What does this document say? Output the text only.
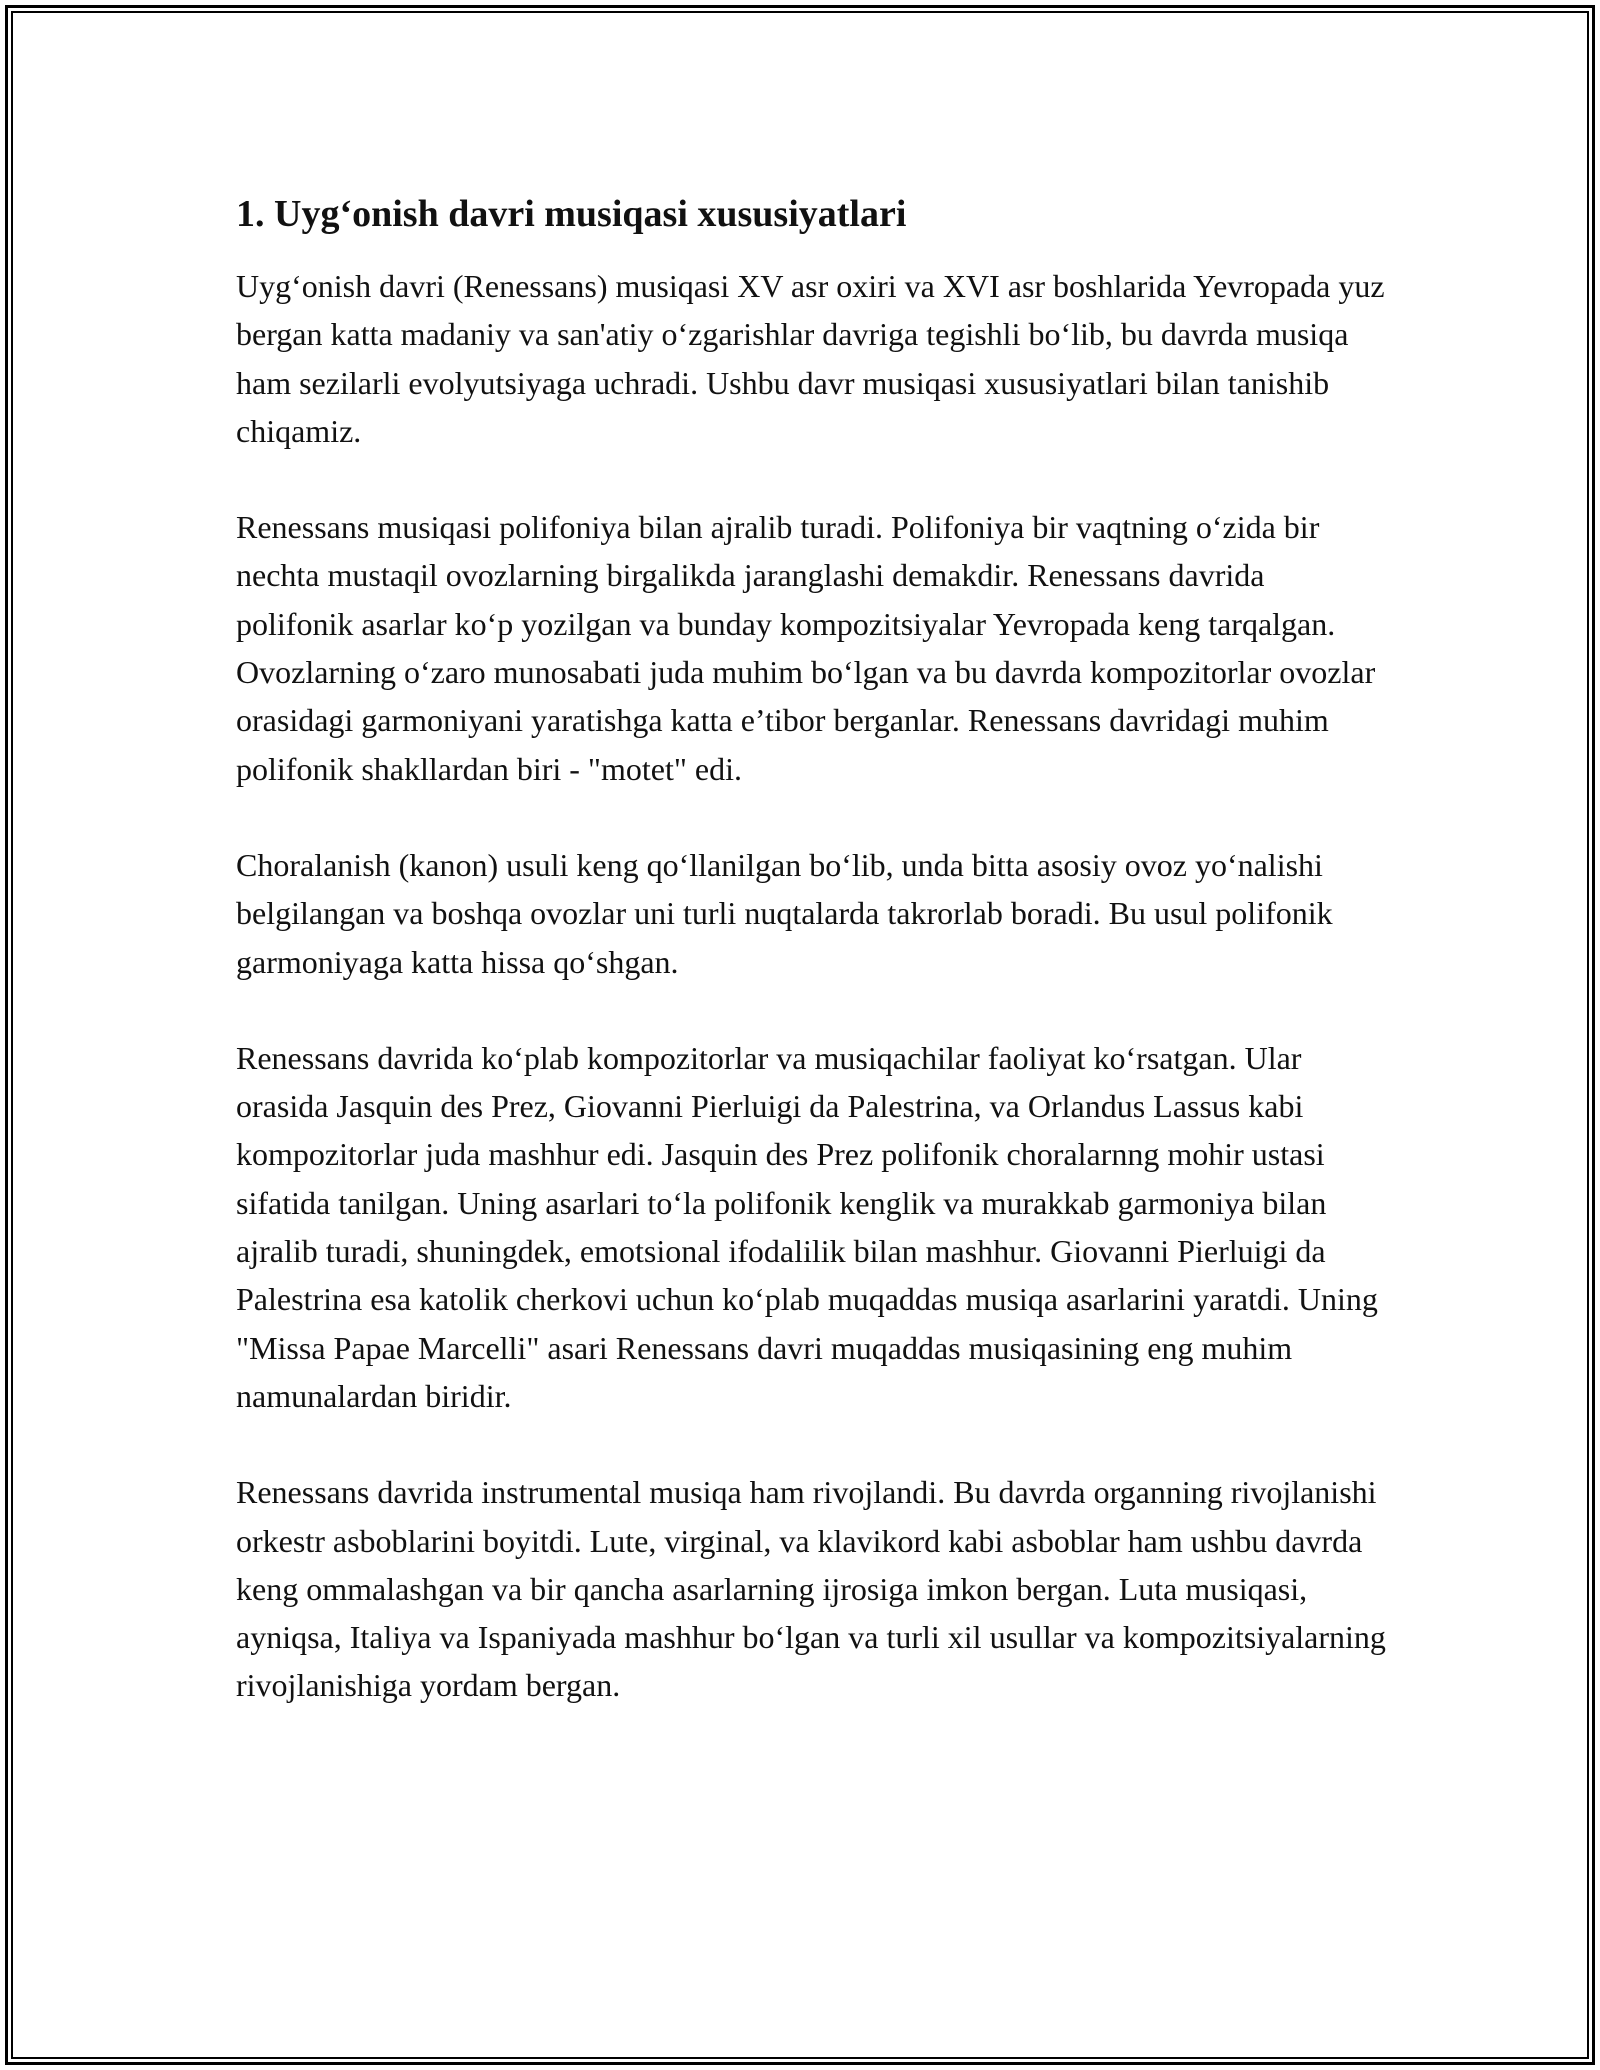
1. Uyg‘onish davri musiqasi xususiyatlari

Uyg‘onish davri (Renessans) musiqasi XV asr oxiri va XVI asr boshlarida Yevropada yuz bergan katta madaniy va san'atiy o‘zgarishlar davriga tegishli bo‘lib, bu davrda musiqa ham sezilarli evolyutsiyaga uchradi. Ushbu davr musiqasi xususiyatlari bilan tanishib chiqamiz.

Renessans musiqasi polifoniya bilan ajralib turadi. Polifoniya bir vaqtning o‘zida bir nechta mustaqil ovozlarning birgalikda jaranglashi demakdir. Renessans davrida polifonik asarlar ko‘p yozilgan va bunday kompozitsiyalar Yevropada keng tarqalgan. Ovozlarning o‘zaro munosabati juda muhim bo‘lgan va bu davrda kompozitorlar ovozlar orasidagi garmoniyani yaratishga katta e’tibor berganlar. Renessans davridagi muhim polifonik shakllardan biri - "motet" edi.

Choralanish (kanon) usuli keng qo‘llanilgan bo‘lib, unda bitta asosiy ovoz yo‘nalishi belgilangan va boshqa ovozlar uni turli nuqtalarda takrorlab boradi. Bu usul polifonik garmoniyaga katta hissa qo‘shgan.

Renessans davrida ko‘plab kompozitorlar va musiqachilar faoliyat ko‘rsatgan. Ular orasida Jasquin des Prez, Giovanni Pierluigi da Palestrina, va Orlandus Lassus kabi kompozitorlar juda mashhur edi. Jasquin des Prez polifonik choralarnng mohir ustasi sifatida tanilgan. Uning asarlari to‘la polifonik kenglik va murakkab garmoniya bilan ajralib turadi, shuningdek, emotsional ifodalilik bilan mashhur. Giovanni Pierluigi da Palestrina esa katolik cherkovi uchun ko‘plab muqaddas musiqa asarlarini yaratdi. Uning "Missa Papae Marcelli" asari Renessans davri muqaddas musiqasining eng muhim namunalardan biridir.

Renessans davrida instrumental musiqa ham rivojlandi. Bu davrda organning rivojlanishi orkestr asboblarini boyitdi. Lute, virginal, va klavikord kabi asboblar ham ushbu davrda keng ommalashgan va bir qancha asarlarning ijrosiga imkon bergan. Luta musiqasi, ayniqsa, Italiya va Ispaniyada mashhur bo‘lgan va turli xil usullar va kompozitsiyalarning rivojlanishiga yordam bergan.
